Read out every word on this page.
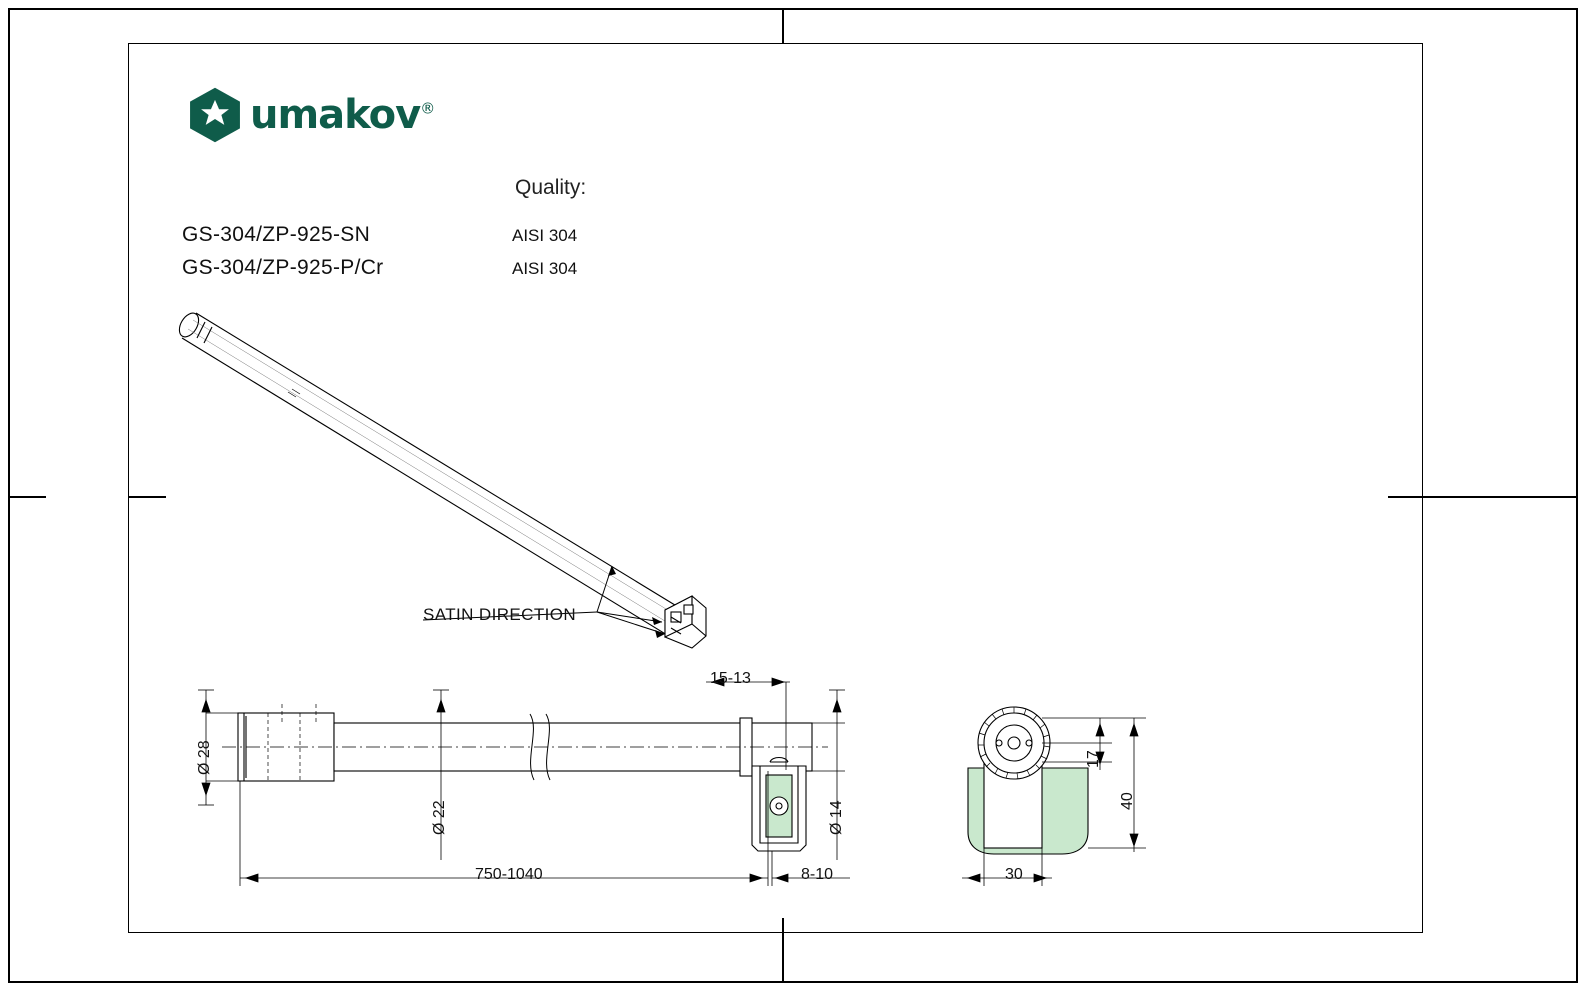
umakov®
Quality:
GS-304/ZP-925-SN
GS-304/ZP-925-P/Cr
AISI 304
AISI 304
SATIN DIRECTION
Ø 28
Ø 22	Ø 14
750-1040
15-13
8-10
17
40
30
